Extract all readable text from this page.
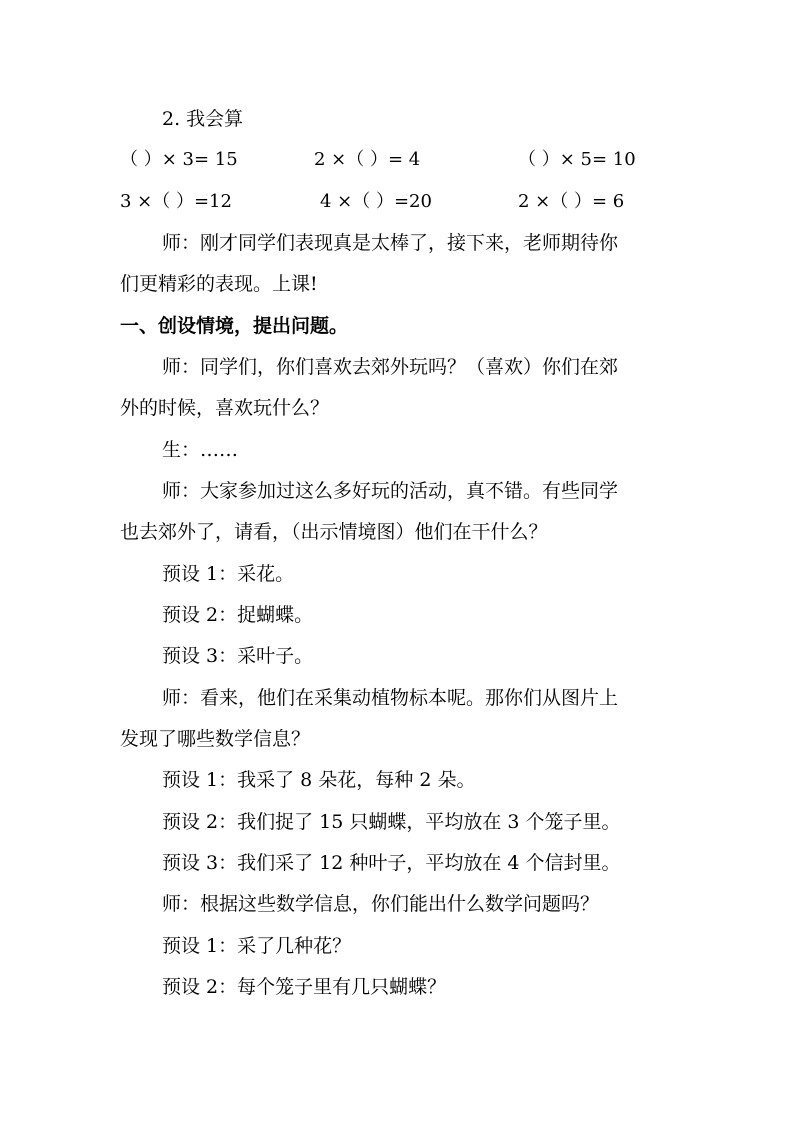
2. 我会算
（ ）× 3= 15	2 ×（ ）= 4	（ ）× 5= 10
3 ×（ ）=12	4 ×（ ）=20	2 ×（ ）= 6
师：刚才同学们表现真是太棒了，接下来，老师期待你
们更精彩的表现。上课!
一、创设情境，提出问题。
师：同学们，你们喜欢去郊外玩吗？（喜欢）你们在郊
外的时候，喜欢玩什么？
生：……
师：大家参加过这么多好玩的活动，真不错。有些同学
也去郊外了，请看，（出示情境图）他们在干什么？
预设 1：采花。
预设 2：捉蝴蝶。
预设 3：采叶子。
师：看来，他们在采集动植物标本呢。那你们从图片上
发现了哪些数学信息？
预设 1：我采了 8 朵花，每种 2 朵。
预设 2：我们捉了 15 只蝴蝶，平均放在 3 个笼子里。
预设 3：我们采了 12 种叶子，平均放在 4 个信封里。
师：根据这些数学信息，你们能出什么数学问题吗？
预设 1：采了几种花？
预设 2：每个笼子里有几只蝴蝶？
